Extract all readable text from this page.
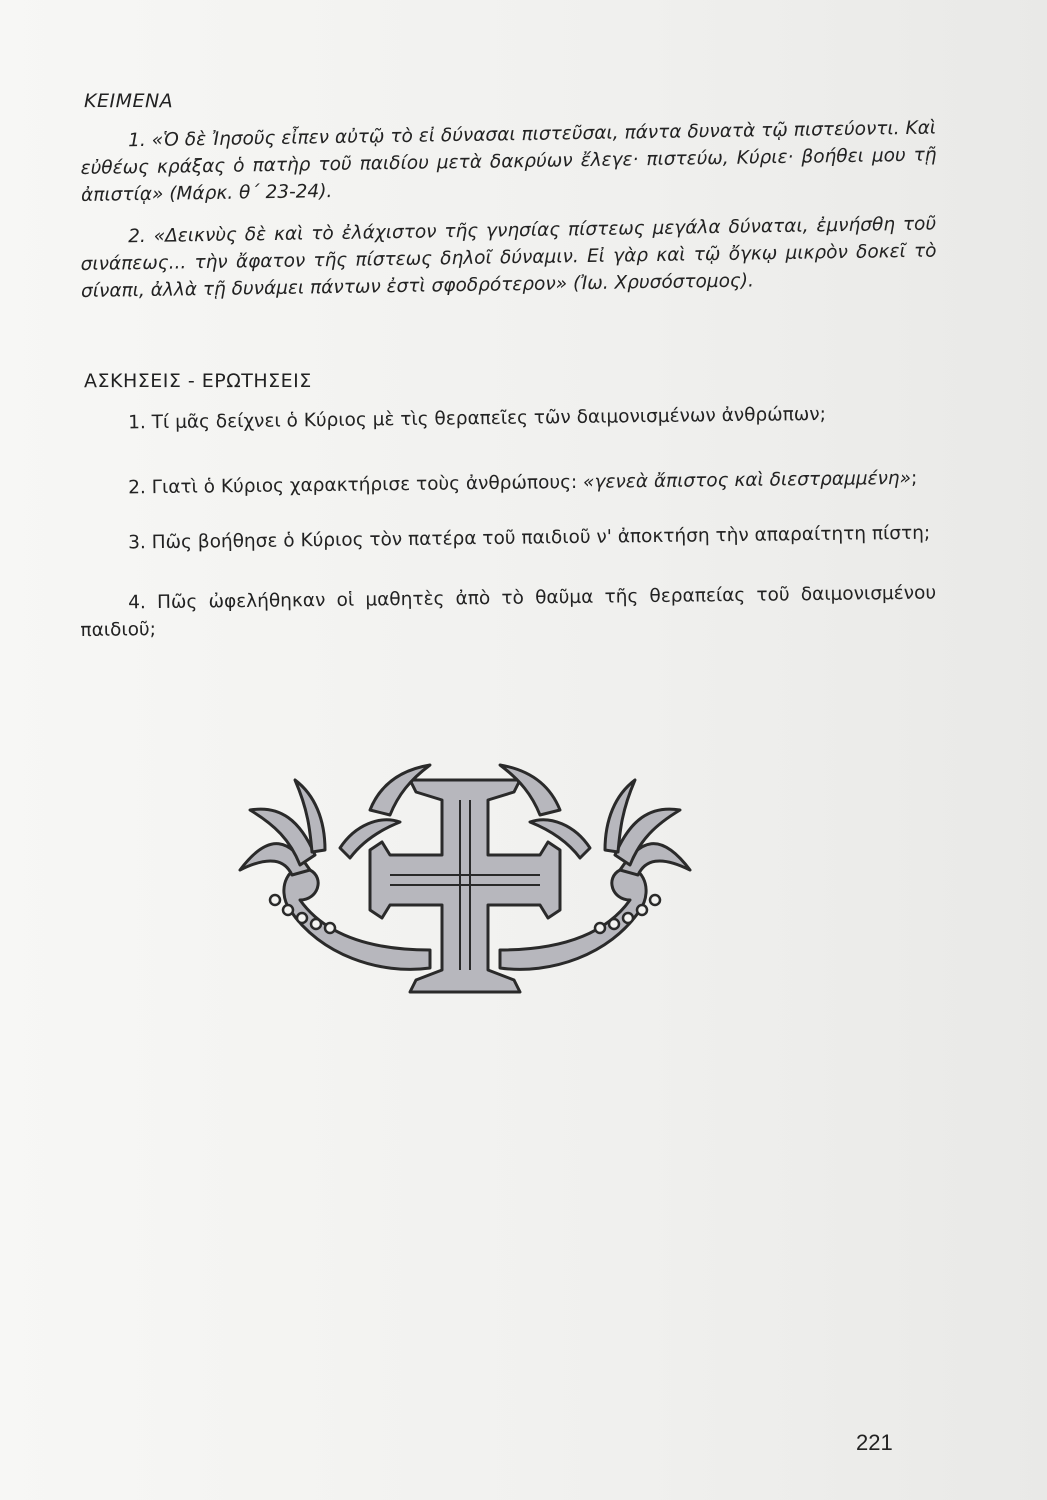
ΚΕΙΜΕΝΑ

1. «Ὁ δὲ Ἰησοῦς εἶπεν αὐτῷ τὸ εἰ δύνασαι πιστεῦσαι, πάντα δυνατὰ τῷ πιστεύοντι. Καὶ εὐθέως κράξας ὁ πατὴρ τοῦ παιδίου μετὰ δακρύων ἔλεγε· πιστεύω, Κύριε· βοήθει μου τῇ ἀπιστίᾳ» (Μάρκ. θ´ 23-24).

2. «Δεικνὺς δὲ καὶ τὸ ἐλάχιστον τῆς γνησίας πίστεως μεγάλα δύναται, ἐμνήσθη τοῦ σινάπεως... τὴν ἄφατον τῆς πίστεως δηλοῖ δύναμιν. Εἰ γὰρ καὶ τῷ ὄγκῳ μικρὸν δοκεῖ τὸ σίναπι, ἀλλὰ τῇ δυνάμει πάντων ἐστὶ σφοδρότερον» (Ἰω. Χρυσόστομος).

ΑΣΚΗΣΕΙΣ - ΕΡΩΤΗΣΕΙΣ

1. Τί μᾶς δείχνει ὁ Κύριος μὲ τὶς θεραπεῖες τῶν δαιμονισμένων ἀνθρώπων;

2. Γιατὶ ὁ Κύριος χαρακτήρισε τοὺς ἀνθρώπους: «γενεὰ ἄπιστος καὶ διεστραμμένη»;

3. Πῶς βοήθησε ὁ Κύριος τὸν πατέρα τοῦ παιδιοῦ ν' ἀποκτήση τὴν απαραίτητη πίστη;

4. Πῶς ὠφελήθηκαν οἱ μαθητὲς ἀπὸ τὸ θαῦμα τῆς θεραπείας τοῦ δαιμονισμένου παιδιοῦ;

221
